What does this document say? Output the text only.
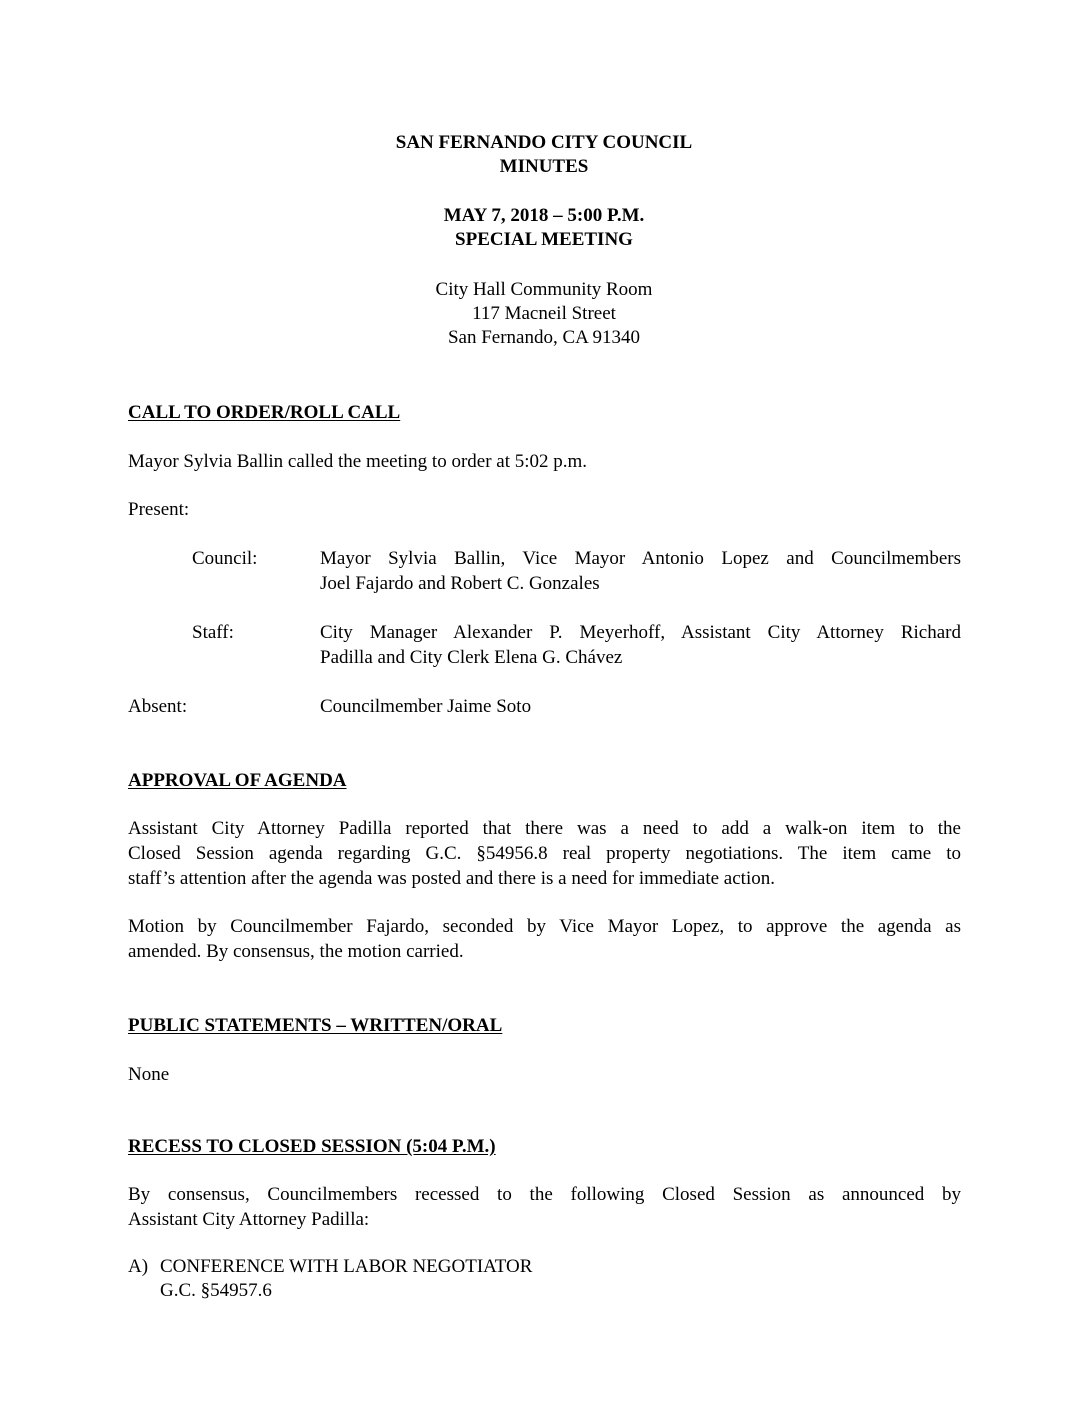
SAN FERNANDO CITY COUNCIL
MINUTES
MAY 7, 2018 – 5:00 P.M.
SPECIAL MEETING
City Hall Community Room
117 Macneil Street
San Fernando, CA 91340
CALL TO ORDER/ROLL CALL
Mayor Sylvia Ballin called the meeting to order at 5:02 p.m.
Present:
Council:	Mayor Sylvia Ballin, Vice Mayor Antonio Lopez and Councilmembers
Joel Fajardo and Robert C. Gonzales
Staff:	City Manager Alexander P. Meyerhoff, Assistant City Attorney Richard
Padilla and City Clerk Elena G. Chávez
Absent:	Councilmember Jaime Soto
APPROVAL OF AGENDA
Assistant City Attorney Padilla reported that there was a need to add a walk-on item to the
Closed Session agenda regarding G.C. §54956.8 real property negotiations. The item came to
staff’s attention after the agenda was posted and there is a need for immediate action.
Motion by Councilmember Fajardo, seconded by Vice Mayor Lopez, to approve the agenda as
amended. By consensus, the motion carried.
PUBLIC STATEMENTS – WRITTEN/ORAL
None
RECESS TO CLOSED SESSION (5:04 P.M.)
By consensus, Councilmembers recessed to the following Closed Session as announced by
Assistant City Attorney Padilla:
A) CONFERENCE WITH LABOR NEGOTIATOR
G.C. §54957.6
